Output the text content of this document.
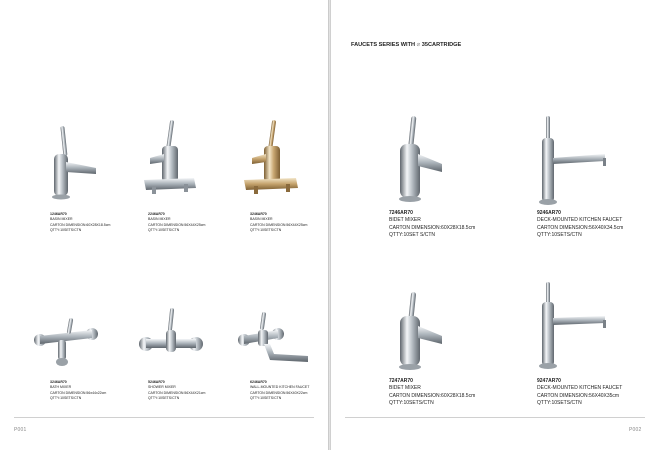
1246AR70
BASIN MIXER
CARTON DIMENSION:60X28X18.5cm
QTTY:10SETS/CTN
2246AR70
BASIN MIXER
CARTON DIMENSION:56X44X25cm
QTTY:10SETS/CTN
3246AR70
BASIN MIXER
CARTON DIMENSION:56X44X25cm
QTTY:10SETS/CTN
3246AR70
BATH MIXER
CARTON DIMENSION:56x44x22cm
QTTY:10SETS/CTN
5246AR70
SHOWER MIXER
CARTON DIMENSION:56X44X21cm
QTTY:10SETS/CTN
6246AR70
WALL-MOUNTED KITCHEN FAUCET
CARTON DIMENSION:56X40X22cm
QTTY:10SETS/CTN
P001
FAUCETS SERIES WITH ⌀ 35CARTRIDGE
7246AR70
BIDET MIXER
CARTON DIMENSION:60X28X18.5cm
QTTY:10SET S/CTN
9246AR70
DECK-MOUNTED KITCHEN FAUCET
CARTON DIMENSION:56X40X34.5cm
QTTY:10SETS/CTN
7247AR70
BIDET MIXER
CARTON DIMENSION:60X28X18.5cm
QTTY:10SETS/CTN
9247AR70
DECK-MOUNTED KITCHEN FAUCET
CARTON DIMENSION:56X40X35cm
QTTY:10SETS/CTN
P002
